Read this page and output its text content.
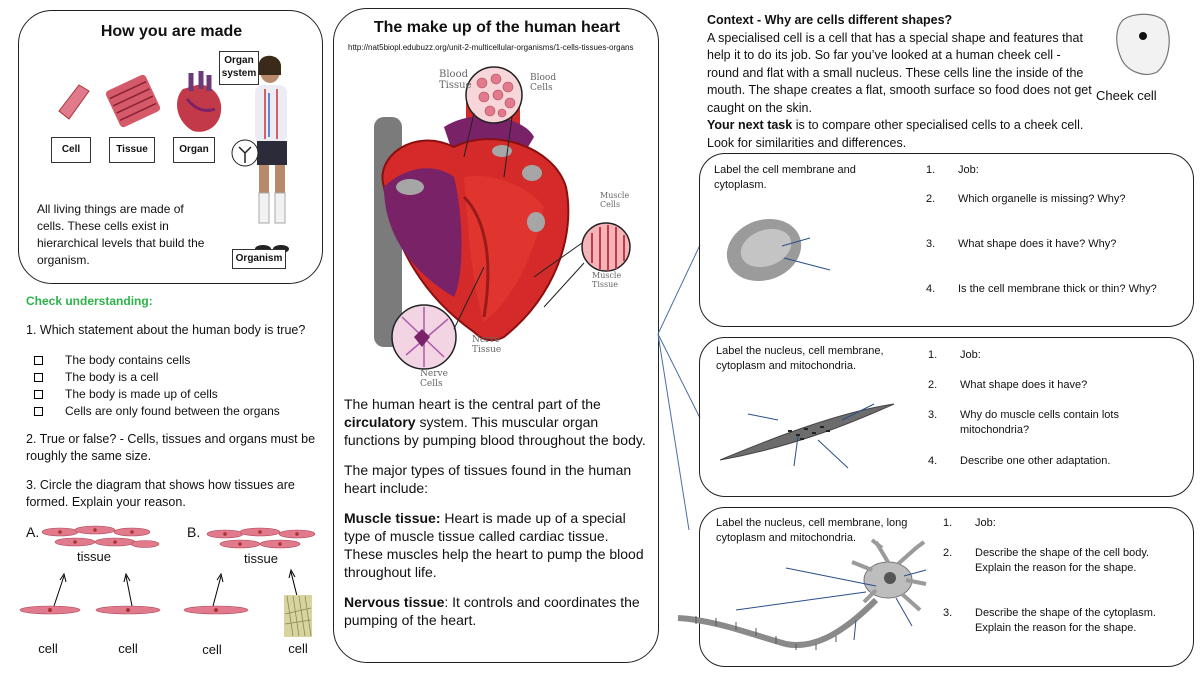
How you are made
Cell	Tissue	Organ
Organ system
Organism
All living things are made of cells. These cells exist in hierarchical levels that build the organism.
Check understanding:
1. Which statement about the human body is true?
The body contains cells
The body is a cell
The body is made up of cells
Cells are only found between the organs
2. True or false? - Cells, tissues and organs must be roughly the same size.
3. Circle the diagram that shows how tissues are formed. Explain your reason.
A.
tissue
cell	cell
B.
tissue
cell	cell
The make up of the human heart
http://nat5biopl.edubuzz.org/unit-2-multicellular-organisms/1-cells-tissues-organs
Blood Tissue
Blood Cells
Muscle Cells
Muscle Tissue
Nerve Tissue
Nerve Cells

The human heart is the central part of the circulatory system. This muscular organ functions by pumping blood throughout the body.

The major types of tissues found in the human heart include:

Muscle tissue: Heart is made up of a special type of muscle tissue called cardiac tissue. These muscles help the heart to pump the blood throughout life.

Nervous tissue: It controls and coordinates the pumping of the heart.

Context - Why are cells different shapes?
A specialised cell is a cell that has a special shape and features that help it to do its job. So far you’ve looked at a human cheek cell - round and flat with a small nucleus. These cells line the inside of the mouth. The shape creates a flat, smooth surface so food does not get caught on the skin.
Your next task is to compare other specialised cells to a cheek cell. Look for similarities and differences.
Cheek cell
Label the cell membrane and cytoplasm.
1.	Job:
2.	Which organelle is missing? Why?
3.	What shape does it have? Why?
4.	Is the cell membrane thick or thin? Why?
Label the nucleus, cell membrane, cytoplasm and mitochondria.
1.	Job:
2.	What shape does it have?
3.	Why do muscle cells contain lots mitochondria?
4.	Describe one other adaptation.
Label the nucleus, cell membrane, long cytoplasm and mitochondria.
1.	Job:
2.	Describe the shape of the cell body. Explain the reason for the shape.
3.	Describe the shape of the cytoplasm. Explain the reason for the shape.
